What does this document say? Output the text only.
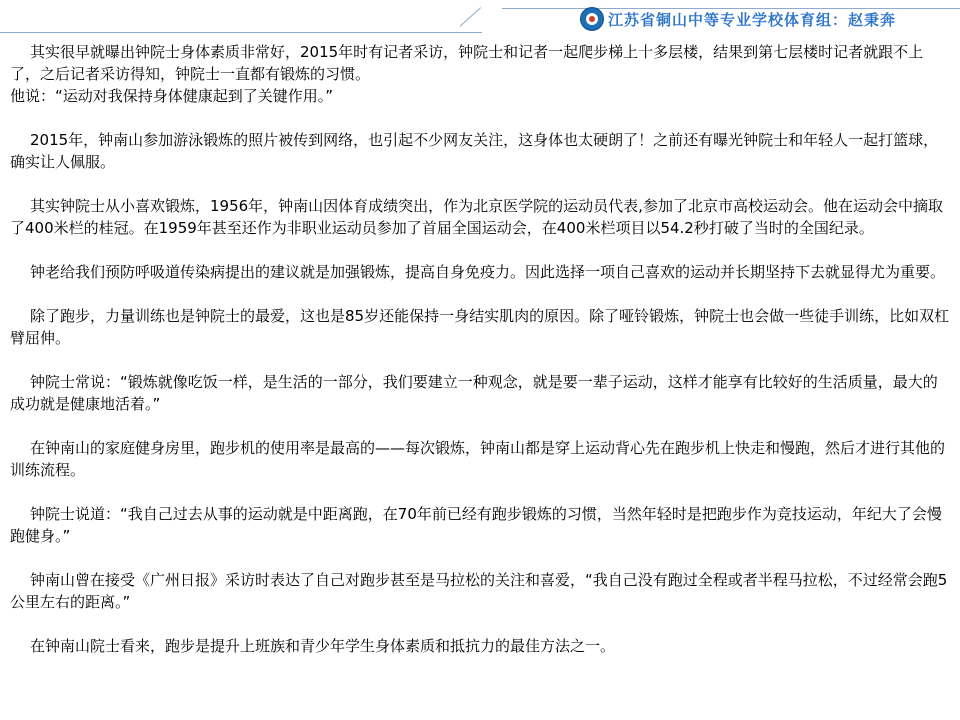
江苏省铜山中等专业学校体育组：赵秉奔

其实很早就曝出钟院士身体素质非常好，2015年时有记者采访，钟院士和记者一起爬步梯上十多层楼，结果到第七层楼时记者就跟不上了，之后记者采访得知，钟院士一直都有锻炼的习惯。

他说：“运动对我保持身体健康起到了关键作用。”

2015年，钟南山参加游泳锻炼的照片被传到网络，也引起不少网友关注，这身体也太硬朗了！之前还有曝光钟院士和年轻人一起打篮球，确实让人佩服。

其实钟院士从小喜欢锻炼，1956年，钟南山因体育成绩突出，作为北京医学院的运动员代表,参加了北京市高校运动会。他在运动会中摘取了400米栏的桂冠。在1959年甚至还作为非职业运动员参加了首届全国运动会，在400米栏项目以54.2秒打破了当时的全国纪录。

钟老给我们预防呼吸道传染病提出的建议就是加强锻炼，提高自身免疫力。因此选择一项自己喜欢的运动并长期坚持下去就显得尤为重要。

除了跑步，力量训练也是钟院士的最爱，这也是85岁还能保持一身结实肌肉的原因。除了哑铃锻炼，钟院士也会做一些徒手训练，比如双杠臂屈伸。

钟院士常说：“锻炼就像吃饭一样，是生活的一部分，我们要建立一种观念，就是要一辈子运动，这样才能享有比较好的生活质量，最大的成功就是健康地活着。”

在钟南山的家庭健身房里，跑步机的使用率是最高的——每次锻炼，钟南山都是穿上运动背心先在跑步机上快走和慢跑，然后才进行其他的训练流程。

钟院士说道：“我自己过去从事的运动就是中距离跑，在70年前已经有跑步锻炼的习惯，当然年轻时是把跑步作为竞技运动，年纪大了会慢跑健身。”

钟南山曾在接受《广州日报》采访时表达了自己对跑步甚至是马拉松的关注和喜爱，“我自己没有跑过全程或者半程马拉松，不过经常会跑5公里左右的距离。”

在钟南山院士看来，跑步是提升上班族和青少年学生身体素质和抵抗力的最佳方法之一。
